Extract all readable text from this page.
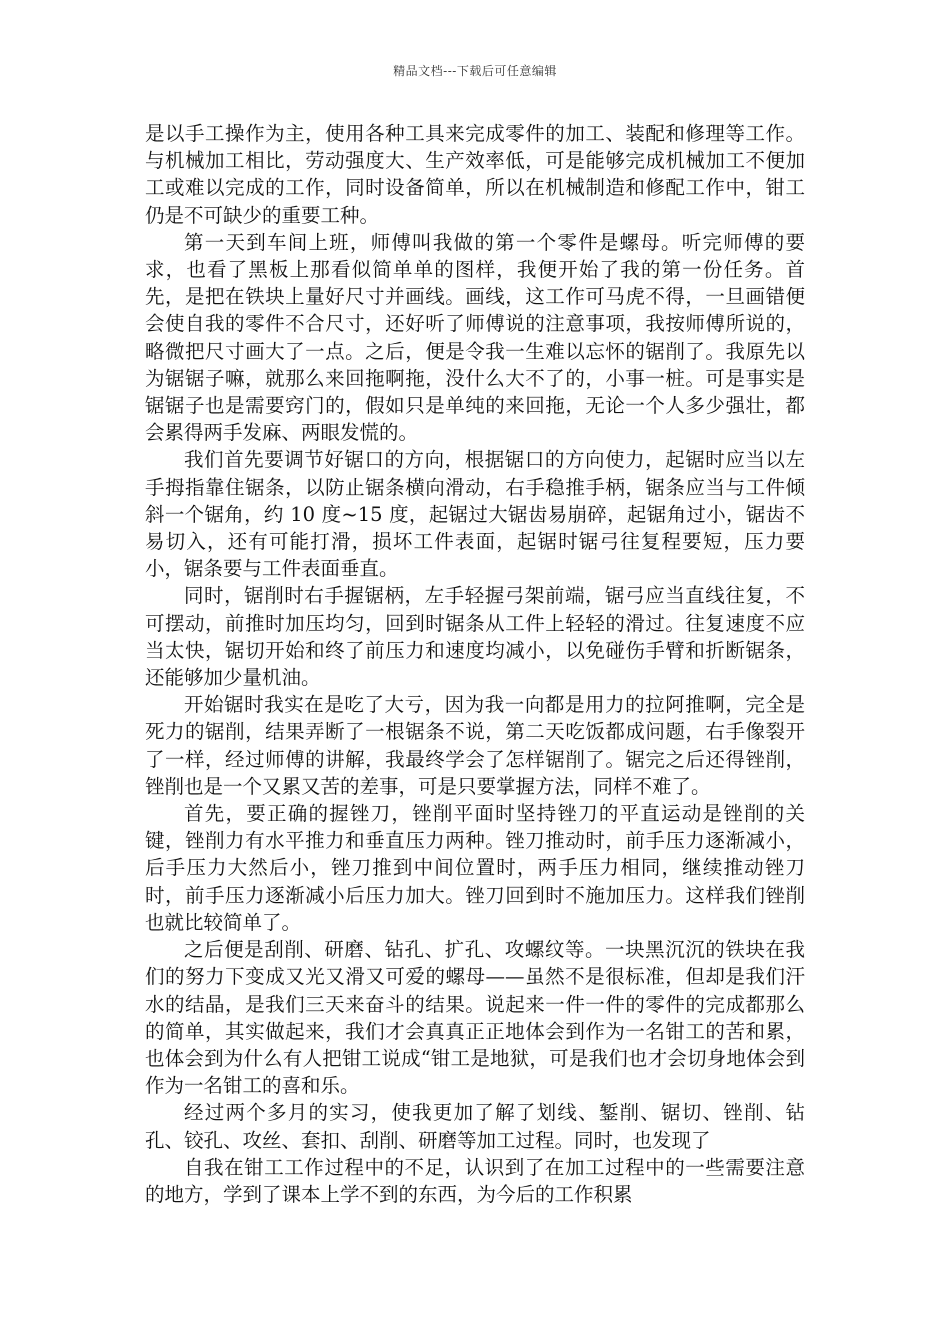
精品文档---下载后可任意编辑

是以手工操作为主，使用各种工具来完成零件的加工、装配和修理等工作。与机械加工相比，劳动强度大、生产效率低，可是能够完成机械加工不便加工或难以完成的工作，同时设备简单，所以在机械制造和修配工作中，钳工仍是不可缺少的重要工种。

第一天到车间上班，师傅叫我做的第一个零件是螺母。听完师傅的要求，也看了黑板上那看似简单单的图样，我便开始了我的第一份任务。首先，是把在铁块上量好尺寸并画线。画线，这工作可马虎不得，一旦画错便会使自我的零件不合尺寸，还好听了师傅说的注意事项，我按师傅所说的，略微把尺寸画大了一点。之后，便是令我一生难以忘怀的锯削了。我原先以为锯锯子嘛，就那么来回拖啊拖，没什么大不了的，小事一桩。可是事实是锯锯子也是需要窍门的，假如只是单纯的来回拖，无论一个人多少强壮，都会累得两手发麻、两眼发慌的。

我们首先要调节好锯口的方向，根据锯口的方向使力，起锯时应当以左手拇指靠住锯条，以防止锯条横向滑动，右手稳推手柄，锯条应当与工件倾斜一个锯角，约 10 度~15 度，起锯过大锯齿易崩碎，起锯角过小，锯齿不易切入，还有可能打滑，损坏工件表面，起锯时锯弓往复程要短，压力要小，锯条要与工件表面垂直。

同时，锯削时右手握锯柄，左手轻握弓架前端，锯弓应当直线往复，不可摆动，前推时加压均匀，回到时锯条从工件上轻轻的滑过。往复速度不应当太快，锯切开始和终了前压力和速度均减小，以免碰伤手臂和折断锯条，还能够加少量机油。

开始锯时我实在是吃了大亏，因为我一向都是用力的拉阿推啊，完全是死力的锯削，结果弄断了一根锯条不说，第二天吃饭都成问题，右手像裂开了一样，经过师傅的讲解，我最终学会了怎样锯削了。锯完之后还得锉削，锉削也是一个又累又苦的差事，可是只要掌握方法，同样不难了。

首先，要正确的握锉刀，锉削平面时坚持锉刀的平直运动是锉削的关键，锉削力有水平推力和垂直压力两种。锉刀推动时，前手压力逐渐减小，后手压力大然后小，锉刀推到中间位置时，两手压力相同，继续推动锉刀时，前手压力逐渐减小后压力加大。锉刀回到时不施加压力。这样我们锉削也就比较简单了。

之后便是刮削、研磨、钻孔、扩孔、攻螺纹等。一块黑沉沉的铁块在我们的努力下变成又光又滑又可爱的螺母——虽然不是很标准，但却是我们汗水的结晶，是我们三天来奋斗的结果。说起来一件一件的零件的完成都那么的简单，其实做起来，我们才会真真正正地体会到作为一名钳工的苦和累，也体会到为什么有人把钳工说成“钳工是地狱，可是我们也才会切身地体会到作为一名钳工的喜和乐。

经过两个多月的实习，使我更加了解了划线、錾削、锯切、锉削、钻孔、铰孔、攻丝、套扣、刮削、研磨等加工过程。同时，也发现了

自我在钳工工作过程中的不足，认识到了在加工过程中的一些需要注意的地方，学到了课本上学不到的东西，为今后的工作积累
